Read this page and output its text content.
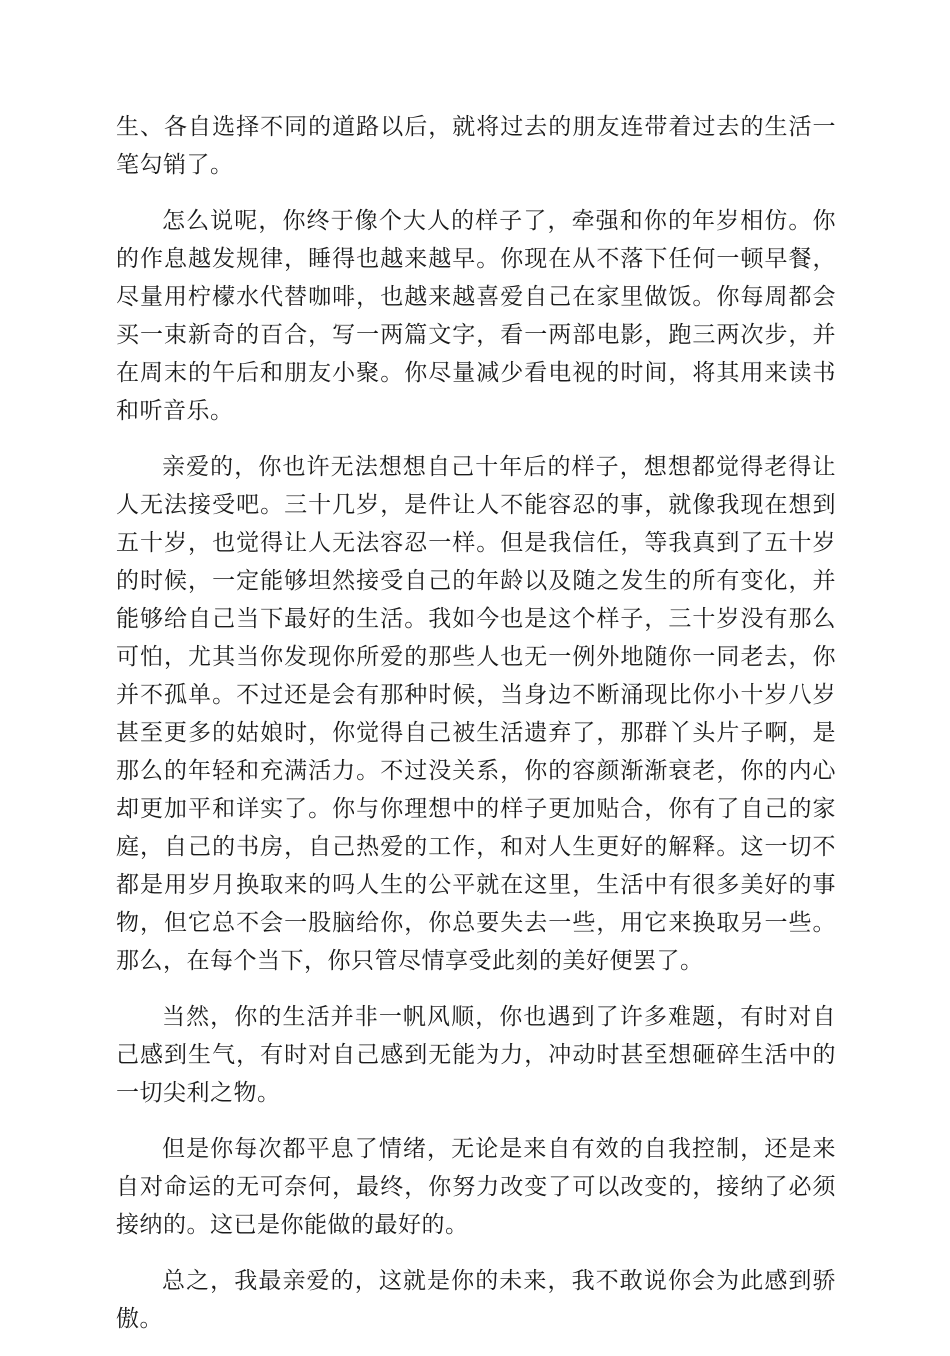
生、各自选择不同的道路以后，就将过去的朋友连带着过去的生活一笔勾销了。

怎么说呢，你终于像个大人的样子了，牵强和你的年岁相仿。你的作息越发规律，睡得也越来越早。你现在从不落下任何一顿早餐，尽量用柠檬水代替咖啡，也越来越喜爱自己在家里做饭。你每周都会买一束新奇的百合，写一两篇文字，看一两部电影，跑三两次步，并在周末的午后和朋友小聚。你尽量减少看电视的时间，将其用来读书和听音乐。

亲爱的，你也许无法想想自己十年后的样子，想想都觉得老得让人无法接受吧。三十几岁，是件让人不能容忍的事，就像我现在想到五十岁，也觉得让人无法容忍一样。但是我信任，等我真到了五十岁的时候，一定能够坦然接受自己的年龄以及随之发生的所有变化，并能够给自己当下最好的生活。我如今也是这个样子，三十岁没有那么可怕，尤其当你发现你所爱的那些人也无一例外地随你一同老去，你并不孤单。不过还是会有那种时候，当身边不断涌现比你小十岁八岁甚至更多的姑娘时，你觉得自己被生活遗弃了，那群丫头片子啊，是那么的年轻和充满活力。不过没关系，你的容颜渐渐衰老，你的内心却更加平和详实了。你与你理想中的样子更加贴合，你有了自己的家庭，自己的书房，自己热爱的工作，和对人生更好的解释。这一切不都是用岁月换取来的吗人生的公平就在这里，生活中有很多美好的事物，但它总不会一股脑给你，你总要失去一些，用它来换取另一些。那么，在每个当下，你只管尽情享受此刻的美好便罢了。

当然，你的生活并非一帆风顺，你也遇到了许多难题，有时对自己感到生气，有时对自己感到无能为力，冲动时甚至想砸碎生活中的一切尖利之物。

但是你每次都平息了情绪，无论是来自有效的自我控制，还是来自对命运的无可奈何，最终，你努力改变了可以改变的，接纳了必须接纳的。这已是你能做的最好的。

总之，我最亲爱的，这就是你的未来，我不敢说你会为此感到骄傲。
